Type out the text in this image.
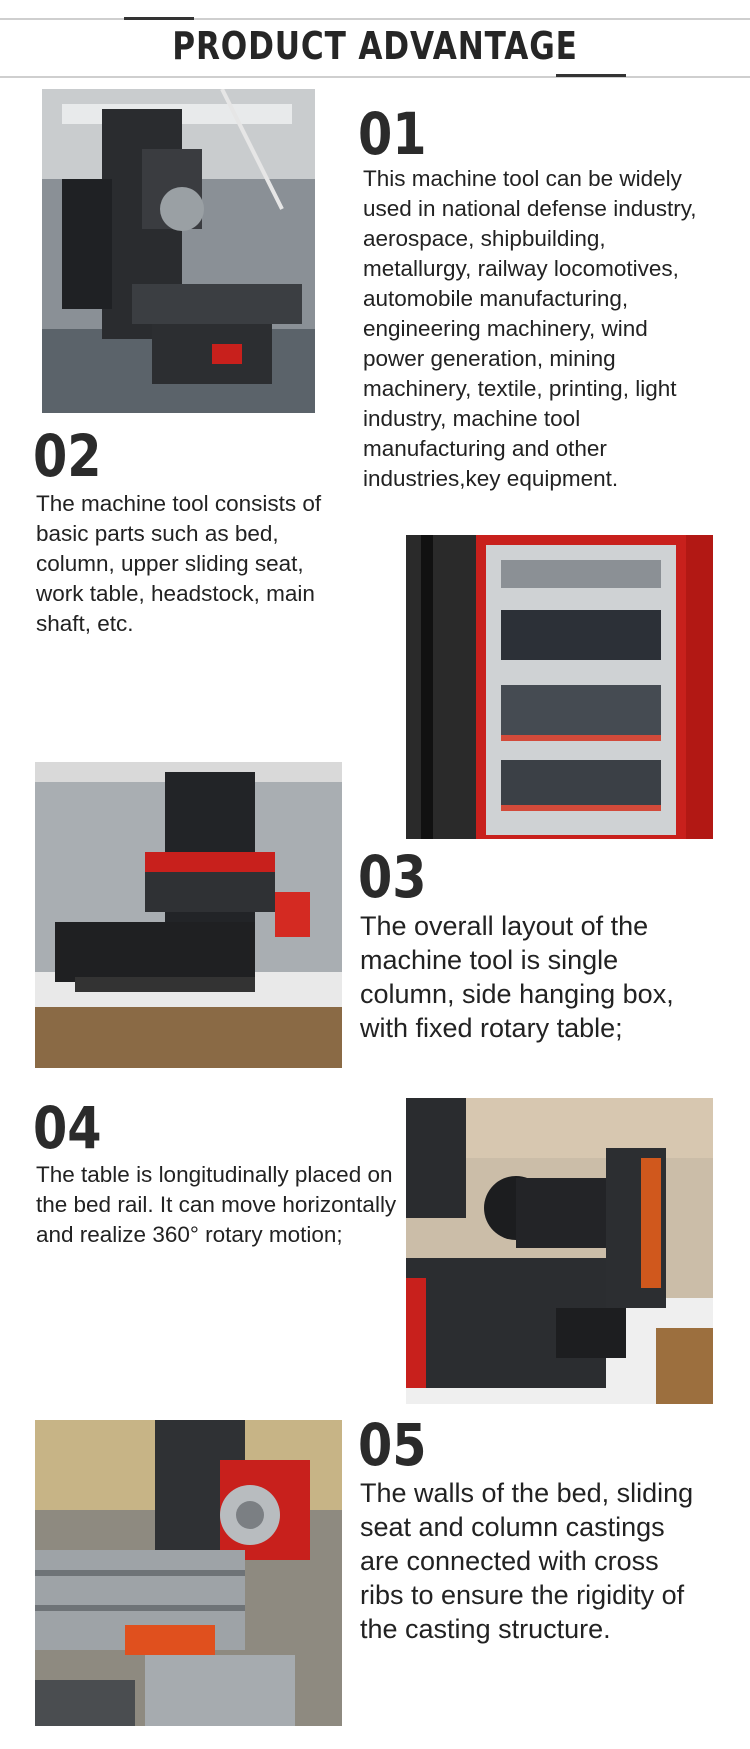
PRODUCT ADVANTAGE
01
This machine tool can be widely used in national defense industry, aerospace, shipbuilding, metallurgy, railway locomotives, automobile manufacturing, engineering machinery, wind power generation, mining machinery, textile, printing, light industry, machine tool manufacturing and other industries,key equipment.
02
The machine tool consists of basic parts such as bed, column, upper sliding seat, work table, headstock, main shaft, etc.
03
The overall layout of the machine tool is single column, side hanging box, with fixed rotary table;
04
The table is longitudinally placed on the bed rail. It can move horizontally and realize 360° rotary motion;
05
The walls of the bed, sliding seat and column castings are connected with cross ribs to ensure the rigidity of the casting structure.
